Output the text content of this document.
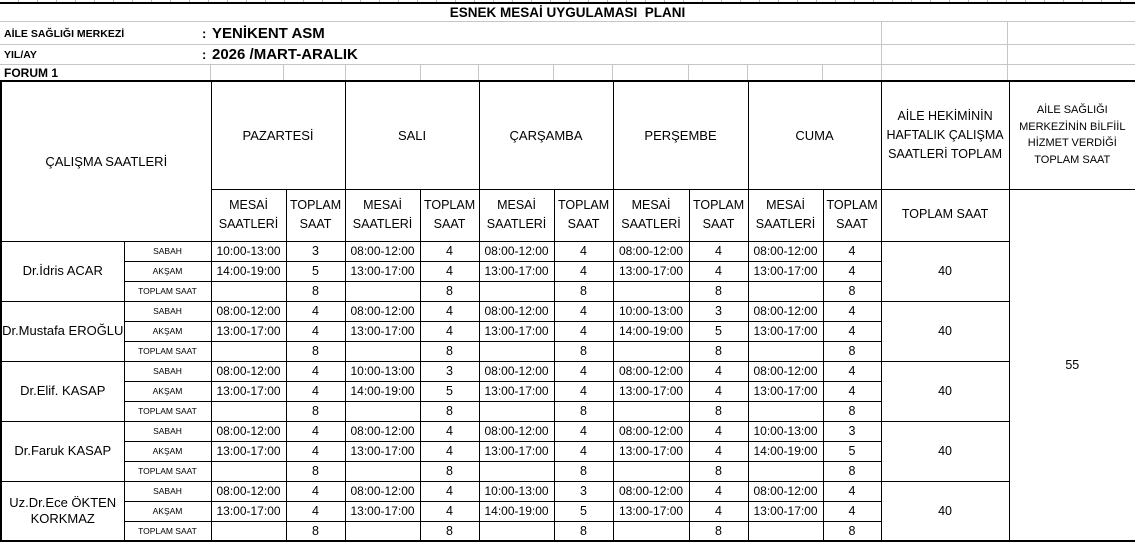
ESNEK MESAİ UYGULAMASI  PLANI
AİLE SAĞLIĞI MERKEZİ	: YENİKENT ASM
YIL/AY	: 2026 /MART-ARALIK
FORUM 1
ÇALIŞMA SAATLERİ		PAZARTESİ		SALI		ÇARŞAMBA		PERŞEMBE		CUMA		AİLE HEKİMİNİN HAFTALIK ÇALIŞMA SAATLERİ TOPLAM	AİLE SAĞLIĞI MERKEZİNİN BİLFİİL HİZMET VERDİĞİ TOPLAM SAAT
		MESAİ SAATLERİ	TOPLAM SAAT	MESAİ SAATLERİ	TOPLAM SAAT	MESAİ SAATLERİ	TOPLAM SAAT	MESAİ SAATLERİ	TOPLAM SAAT	MESAİ SAATLERİ	TOPLAM SAAT	TOPLAM SAAT	55
Dr.İdris ACAR	SABAH	10:00-13:00	3	08:00-12:00	4	08:00-12:00	4	08:00-12:00	4	08:00-12:00	4	40	
	AKŞAM	14:00-19:00	5	13:00-17:00	4	13:00-17:00	4	13:00-17:00	4	13:00-17:00	4		
	TOPLAM SAAT		8		8		8		8		8		
Dr.Mustafa EROĞLU	SABAH	08:00-12:00	4	08:00-12:00	4	08:00-12:00	4	10:00-13:00	3	08:00-12:00	4	40	
	AKŞAM	13:00-17:00	4	13:00-17:00	4	13:00-17:00	4	14:00-19:00	5	13:00-17:00	4		
	TOPLAM SAAT		8		8		8		8		8		
Dr.Elif. KASAP	SABAH	08:00-12:00	4	10:00-13:00	3	08:00-12:00	4	08:00-12:00	4	08:00-12:00	4	40	
	AKŞAM	13:00-17:00	4	14:00-19:00	5	13:00-17:00	4	13:00-17:00	4	13:00-17:00	4		
	TOPLAM SAAT		8		8		8		8		8		
Dr.Faruk KASAP	SABAH	08:00-12:00	4	08:00-12:00	4	08:00-12:00	4	08:00-12:00	4	10:00-13:00	3	40	
	AKŞAM	13:00-17:00	4	13:00-17:00	4	13:00-17:00	4	13:00-17:00	4	14:00-19:00	5		
	TOPLAM SAAT		8		8		8		8		8		
Uz.Dr.Ece ÖKTEN KORKMAZ	SABAH	08:00-12:00	4	08:00-12:00	4	10:00-13:00	3	08:00-12:00	4	08:00-12:00	4	40	
	AKŞAM	13:00-17:00	4	13:00-17:00	4	14:00-19:00	5	13:00-17:00	4	13:00-17:00	4		
	TOPLAM SAAT		8		8		8		8		8		
